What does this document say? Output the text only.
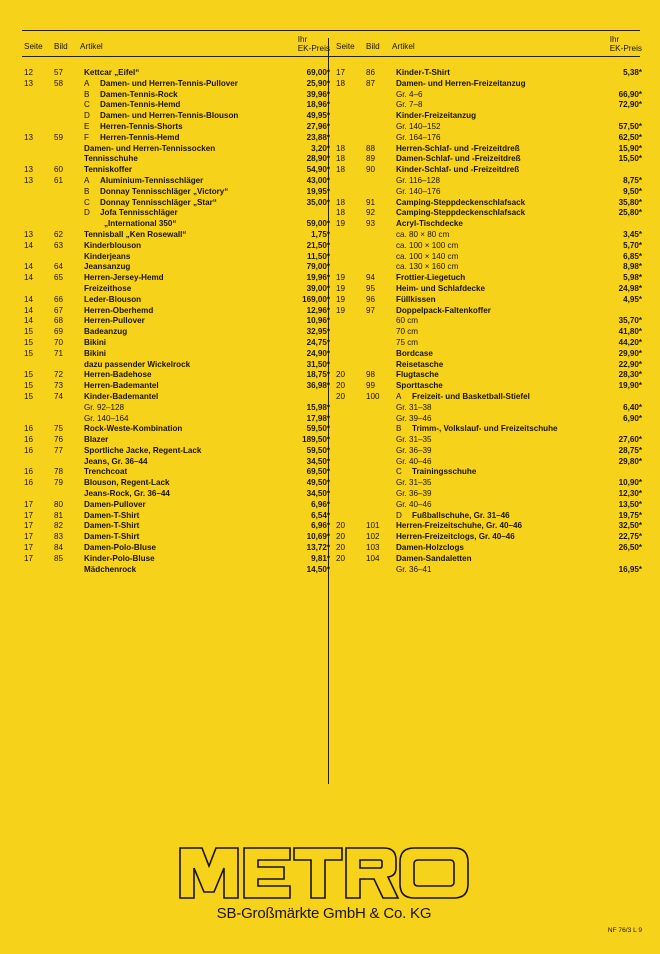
Seite Bild Artikel
Ihr
EK-Preis Seite Bild Artikel
Ihr
EK-Preis
12	57	Kettcar „Eifel“	69,00*
13	58	A Damen- und Herren-Tennis-Pullover	25,90*
B Damen-Tennis-Rock	39,96*
C Damen-Tennis-Hemd	18,96*
D Damen- und Herren-Tennis-Blouson	49,95*
E Herren-Tennis-Shorts	27,96*
13	59	F Herren-Tennis-Hemd	23,88*
Damen- und Herren-Tennissocken	3,20*
Tennisschuhe	28,90*
13	60	Tenniskoffer	54,90*
13	61	A Aluminium-Tennisschläger	43,00*
B Donnay Tennisschläger „Victory“	19,95*
C Donnay Tennisschläger „Star“	35,00*
D Jofa Tennisschläger
„International 350“	59,00*
13	62	Tennisball „Ken Rosewall“	1,75*
14	63	Kinderblouson	21,50*
Kinderjeans	11,50*
14	64	Jeansanzug	79,00*
14	65	Herren-Jersey-Hemd	19,96*
Freizeithose	39,00*
14	66	Leder-Blouson	169,00*
14	67	Herren-Oberhemd	12,96*
14	68	Herren-Pullover	10,96*
15	69	Badeanzug	32,95*
15	70	Bikini	24,75*
15	71	Bikini	24,90*
dazu passender Wickelrock	31,50*
15	72	Herren-Badehose	18,75*
15	73	Herren-Bademantel	36,98*
15	74	Kinder-Bademantel
Gr. 92–128	15,98*
Gr. 140–164	17,98*
16	75	Rock-Weste-Kombination	59,50*
16	76	Blazer	189,50*
16	77	Sportliche Jacke, Regent-Lack	59,50*
Jeans, Gr. 36–44	34,50*
16	78	Trenchcoat	69,50*
16	79	Blouson, Regent-Lack	49,50*
Jeans-Rock, Gr. 36–44	34,50*
17	80	Damen-Pullover	6,96*
17	81	Damen-T-Shirt	6,54*
17	82	Damen-T-Shirt	6,96*
17	83	Damen-T-Shirt	10,69*
17	84	Damen-Polo-Bluse	13,72*
17	85	Kinder-Polo-Bluse	9,81*
Mädchenrock	14,50*
17	86	Kinder-T-Shirt	5,38*
18	87	Damen- und Herren-Freizeitanzug
Gr. 4–6	66,90*
Gr. 7–8	72,90*
Kinder-Freizeitanzug
Gr. 140–152	57,50*
Gr. 164–176	62,50*
18	88	Herren-Schlaf- und -Freizeitdreß	15,90*
18	89	Damen-Schlaf- und -Freizeitdreß	15,50*
18	90	Kinder-Schlaf- und -Freizeitdreß
Gr. 116–128	8,75*
Gr. 140–176	9,50*
18	91	Camping-Steppdeckenschlafsack	35,80*
18	92	Camping-Steppdeckenschlafsack	25,80*
19	93	Acryl-Tischdecke
ca. 80 × 80 cm	3,45*
ca. 100 × 100 cm	5,70*
ca. 100 × 140 cm	6,85*
ca. 130 × 160 cm	8,98*
19	94	Frottier-Liegetuch	5,98*
19	95	Heim- und Schlafdecke	24,98*
19	96	Füllkissen	4,95*
19	97	Doppelpack-Faltenkoffer
60 cm	35,70*
70 cm	41,80*
75 cm	44,20*
Bordcase	29,90*
Reisetasche	22,90*
20	98	Flugtasche	28,30*
20	99	Sporttasche	19,90*
20	100 A Freizeit- und Basketball-Stiefel
Gr. 31–38	6,40*
Gr. 39–46	6,90*
B Trimm-, Volkslauf- und Freizeitschuhe
Gr. 31–35	27,60*
Gr. 36–39	28,75*
Gr. 40–46	29,80*
C Trainingsschuhe
Gr. 31–35	10,90*
Gr. 36–39	12,30*
Gr. 40–46	13,50*
D Fußballschuhe, Gr. 31–46	19,75*
20	101 Herren-Freizeitschuhe, Gr. 40–46	32,50*
20	102 Herren-Freizeitclogs, Gr. 40–46	22,75*
20	103 Damen-Holzclogs	26,50*
20	104 Damen-Sandaletten
Gr. 36–41	16,95*
SB-Großmärkte GmbH & Co. KG
NF 76/3 L 9
